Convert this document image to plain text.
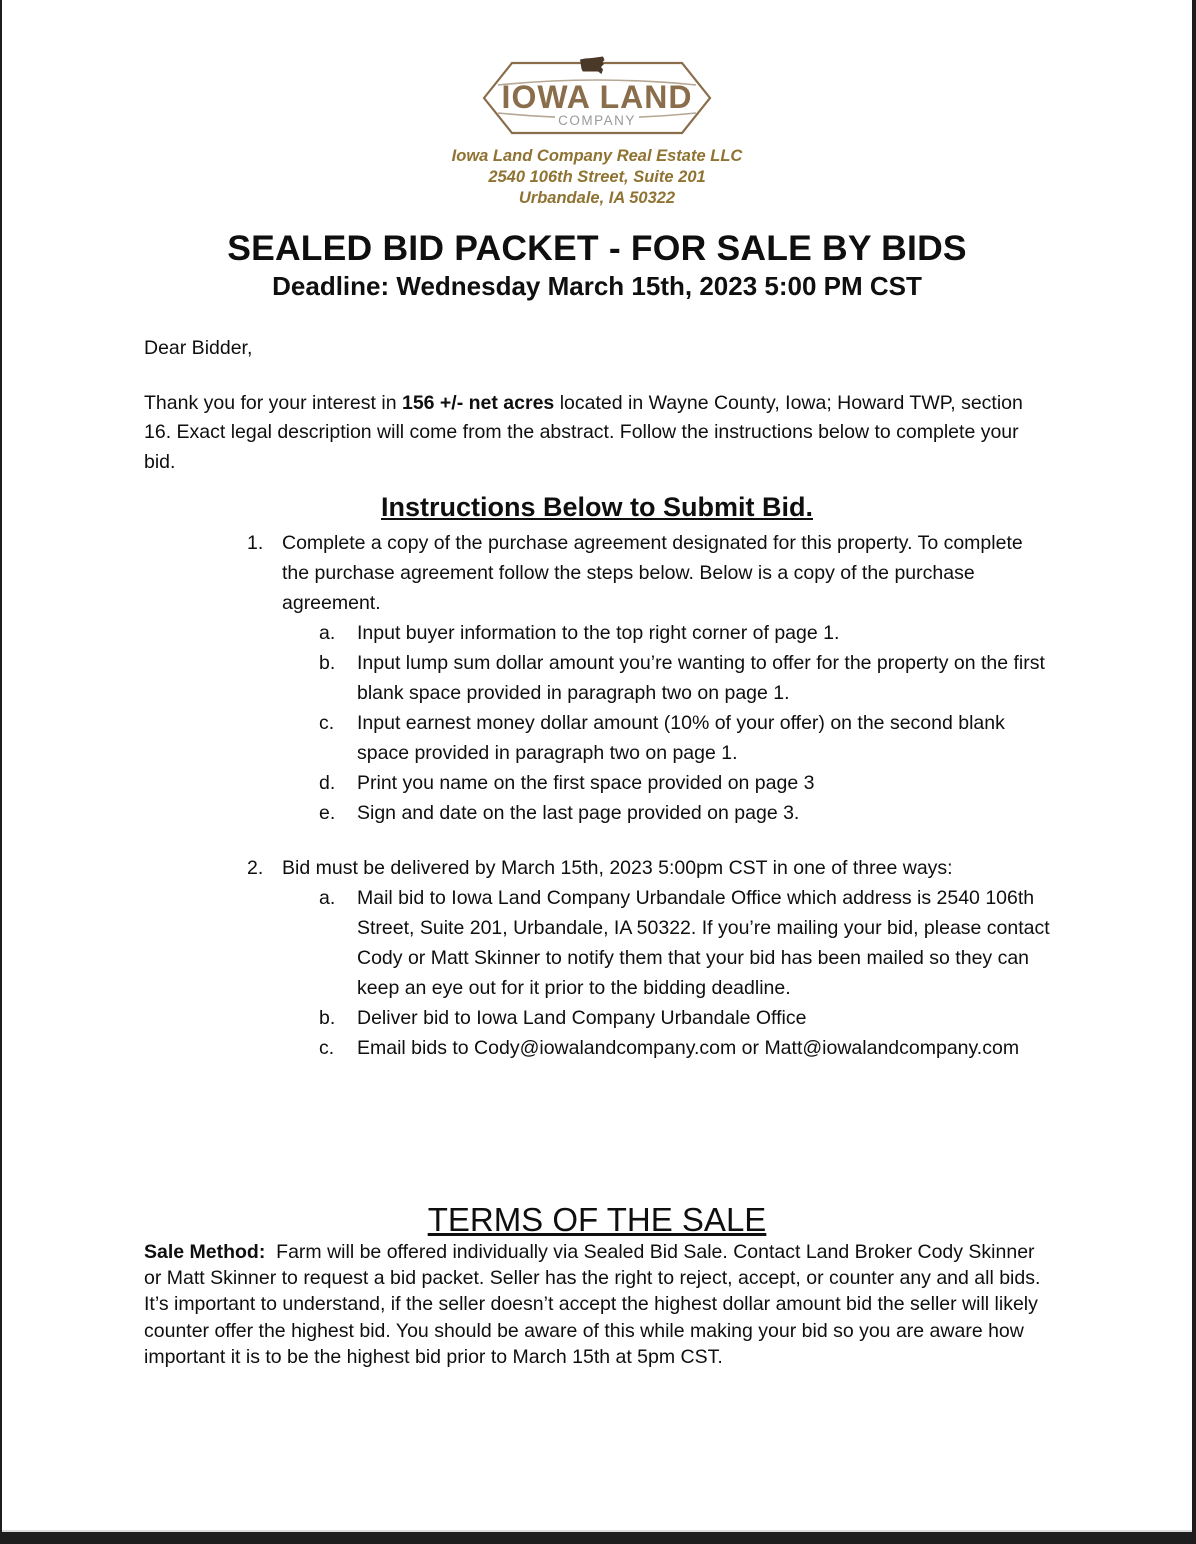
IOWA LAND
COMPANY
Iowa Land Company Real Estate LLC
2540 106th Street, Suite 201
Urbandale, IA 50322
SEALED BID PACKET - FOR SALE BY BIDS
Deadline: Wednesday March 15th, 2023 5:00 PM CST
Dear Bidder,
Thank you for your interest in 156 +/- net acres located in Wayne County, Iowa; Howard TWP, section 16. Exact legal description will come from the abstract. Follow the instructions below to complete your bid.
Instructions Below to Submit Bid.
1. Complete a copy of the purchase agreement designated for this property. To complete the purchase agreement follow the steps below. Below is a copy of the purchase agreement.
a.	Input buyer information to the top right corner of page 1.
b.	Input lump sum dollar amount you’re wanting to offer for the property on the first blank space provided in paragraph two on page 1.
c.	Input earnest money dollar amount (10% of your offer) on the second blank space provided in paragraph two on page 1.
d.	Print you name on the first space provided on page 3
e.	Sign and date on the last page provided on page 3.
2. Bid must be delivered by March 15th, 2023 5:00pm CST in one of three ways:
a.	Mail bid to Iowa Land Company Urbandale Office which address is 2540 106th Street, Suite 201, Urbandale, IA 50322. If you’re mailing your bid, please contact Cody or Matt Skinner to notify them that your bid has been mailed so they can keep an eye out for it prior to the bidding deadline.
b.	Deliver bid to Iowa Land Company Urbandale Office
c.	Email bids to Cody@iowalandcompany.com or Matt@iowalandcompany.com
TERMS OF THE SALE
Sale Method:  Farm will be offered individually via Sealed Bid Sale. Contact Land Broker Cody Skinner or Matt Skinner to request a bid packet. Seller has the right to reject, accept, or counter any and all bids. It’s important to understand, if the seller doesn’t accept the highest dollar amount bid the seller will likely counter offer the highest bid. You should be aware of this while making your bid so you are aware how important it is to be the highest bid prior to March 15th at 5pm CST.
